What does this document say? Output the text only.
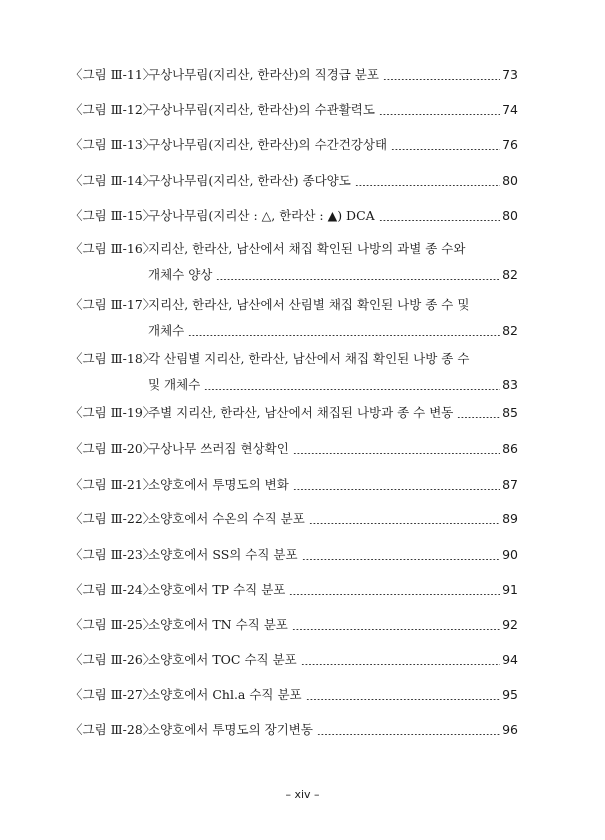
〈그림 Ⅲ-11〉
구상나무림(지리산, 한라산)의 직경급 분포	73
〈그림 Ⅲ-12〉
구상나무림(지리산, 한라산)의 수관활력도	74
〈그림 Ⅲ-13〉
구상나무림(지리산, 한라산)의 수간건강상태	76
〈그림 Ⅲ-14〉
구상나무림(지리산, 한라산) 종다양도	80
〈그림 Ⅲ-15〉
구상나무림(지리산 : △, 한라산 : ▲) DCA	80
〈그림 Ⅲ-16〉
지리산, 한라산, 남산에서 채집 확인된 나방의 과별 종 수와
개체수 양상	82
〈그림 Ⅲ-17〉
지리산, 한라산, 남산에서 산림별 채집 확인된 나방 종 수 및
개체수	82
〈그림 Ⅲ-18〉
각 산림별 지리산, 한라산, 남산에서 채집 확인된 나방 종 수
및 개체수	83
〈그림 Ⅲ-19〉
주별 지리산, 한라산, 남산에서 채집된 나방과 종 수 변동	85
〈그림 Ⅲ-20〉
구상나무 쓰러짐 현상확인	86
〈그림 Ⅲ-21〉
소양호에서 투명도의 변화	87
〈그림 Ⅲ-22〉
소양호에서 수온의 수직 분포	89
〈그림 Ⅲ-23〉
소양호에서 SS의 수직 분포	90
〈그림 Ⅲ-24〉
소양호에서 TP 수직 분포	91
〈그림 Ⅲ-25〉
소양호에서 TN 수직 분포	92
〈그림 Ⅲ-26〉
소양호에서 TOC 수직 분포	94
〈그림 Ⅲ-27〉
소양호에서 Chl.a 수직 분포	95
〈그림 Ⅲ-28〉
소양호에서 투명도의 장기변동	96
– xiv –
